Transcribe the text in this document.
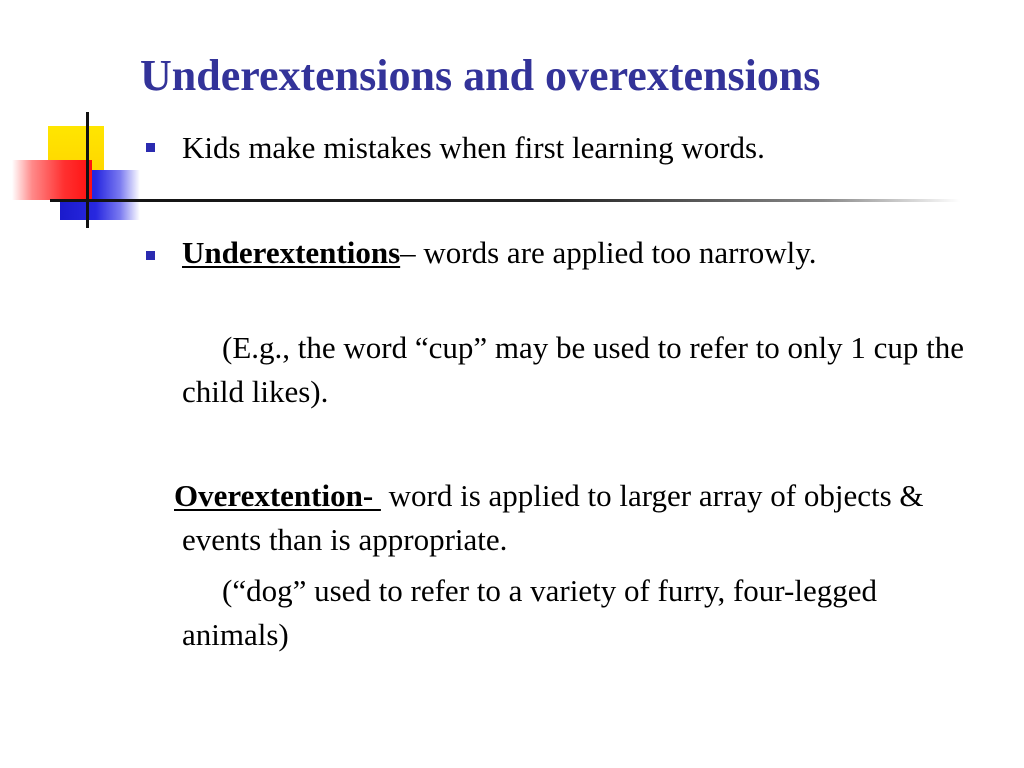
Underextensions and overextensions
Kids make mistakes when first learning words.
Underextentions– words are applied too narrowly.
(E.g., the word “cup” may be used to refer to only 1 cup the child likes).
Overextention-  word is applied to larger array of objects & events than is appropriate.
(“dog” used to refer to a variety of furry, four-legged animals)
